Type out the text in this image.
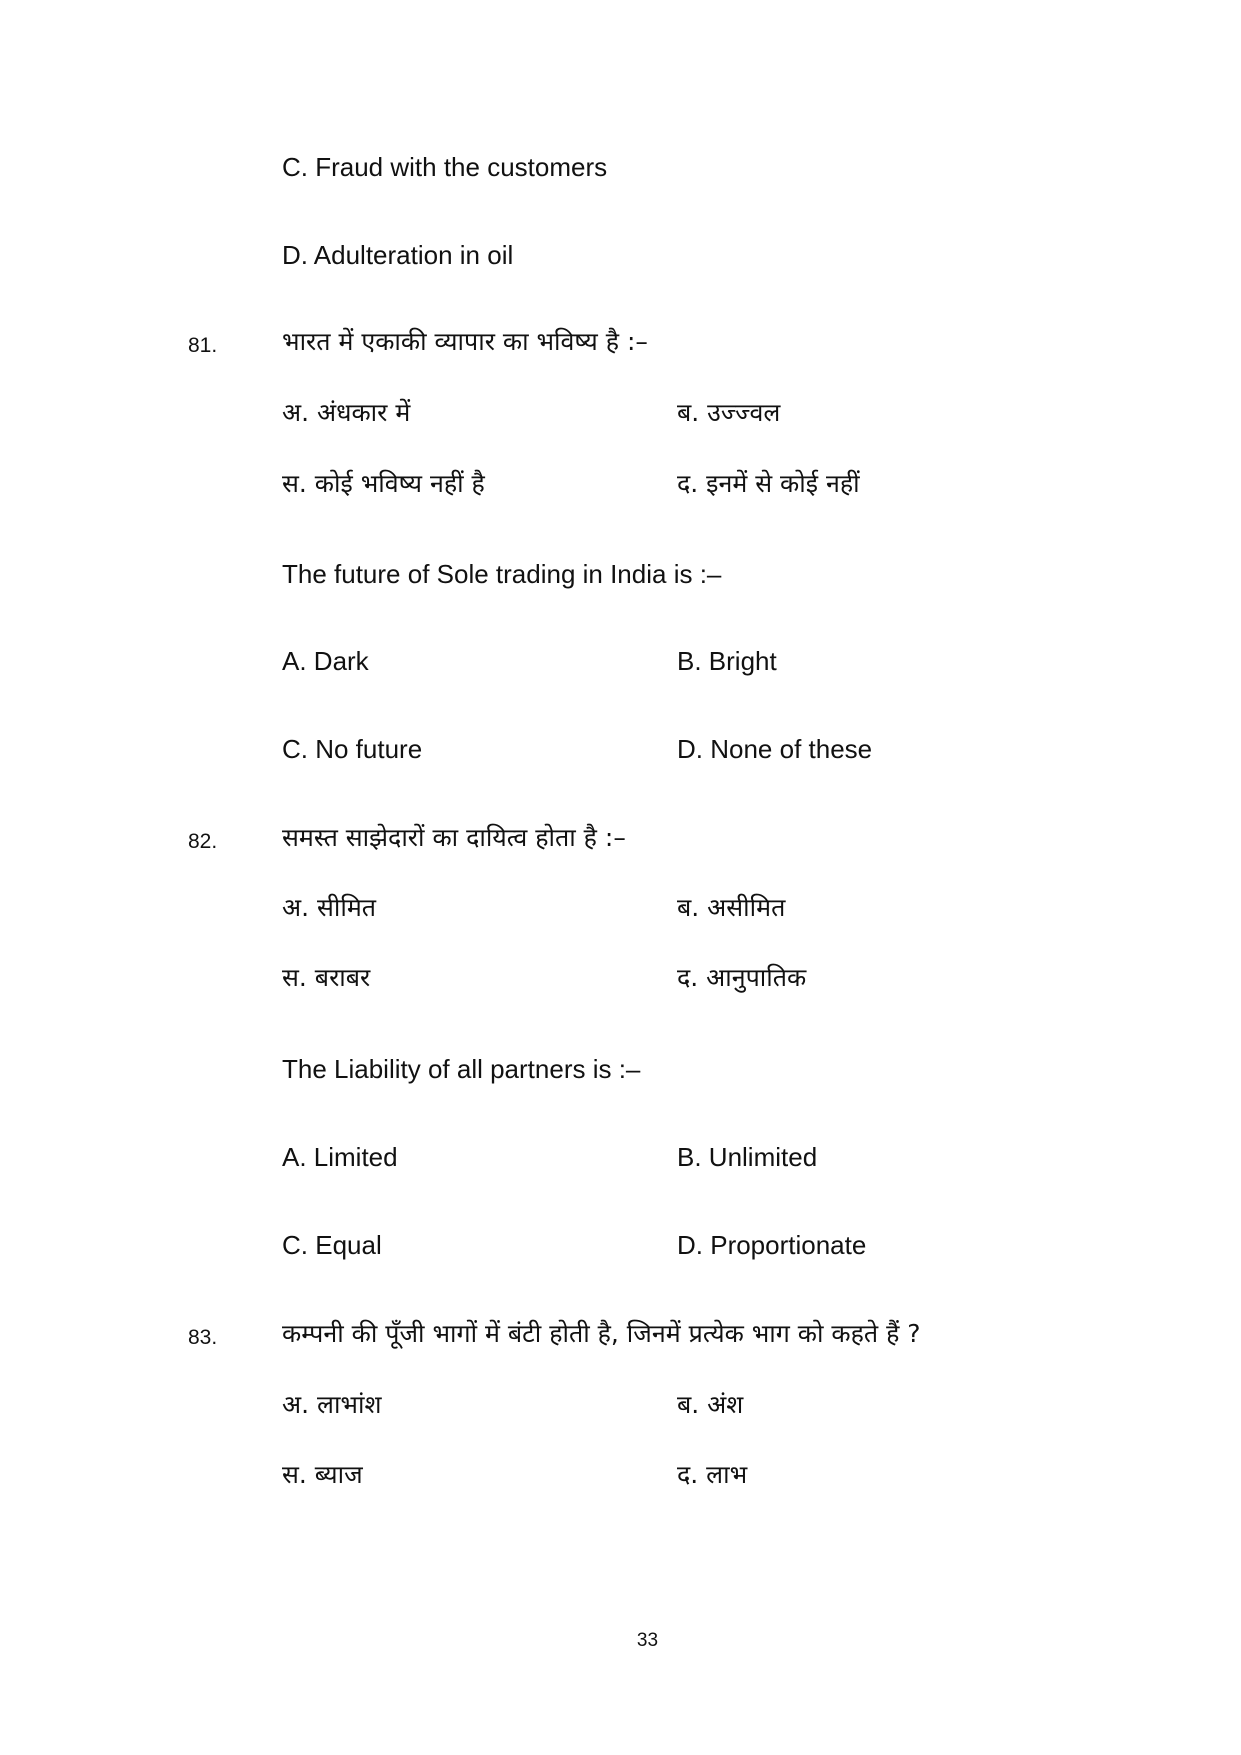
C. Fraud with the customers
D. Adulteration in oil
81.	भारत में एकाकी व्यापार का भविष्य है :–
अ. अंधकार में	ब. उज्ज्वल
स. कोई भविष्य नहीं है	द. इनमें से कोई नहीं
The future of Sole trading in India is :–
A. Dark	B. Bright
C. No future	D. None of these
82.	समस्त साझेदारों का दायित्व होता है :–
अ. सीमित	ब. असीमित
स. बराबर	द. आनुपातिक
The Liability of all partners is :–
A. Limited	B. Unlimited
C. Equal	D. Proportionate
83.	कम्पनी की पूँजी भागों में बंटी होती है, जिनमें प्रत्येक भाग को कहते हैं ?
अ. लाभांश	ब. अंश
स. ब्याज	द. लाभ
33
